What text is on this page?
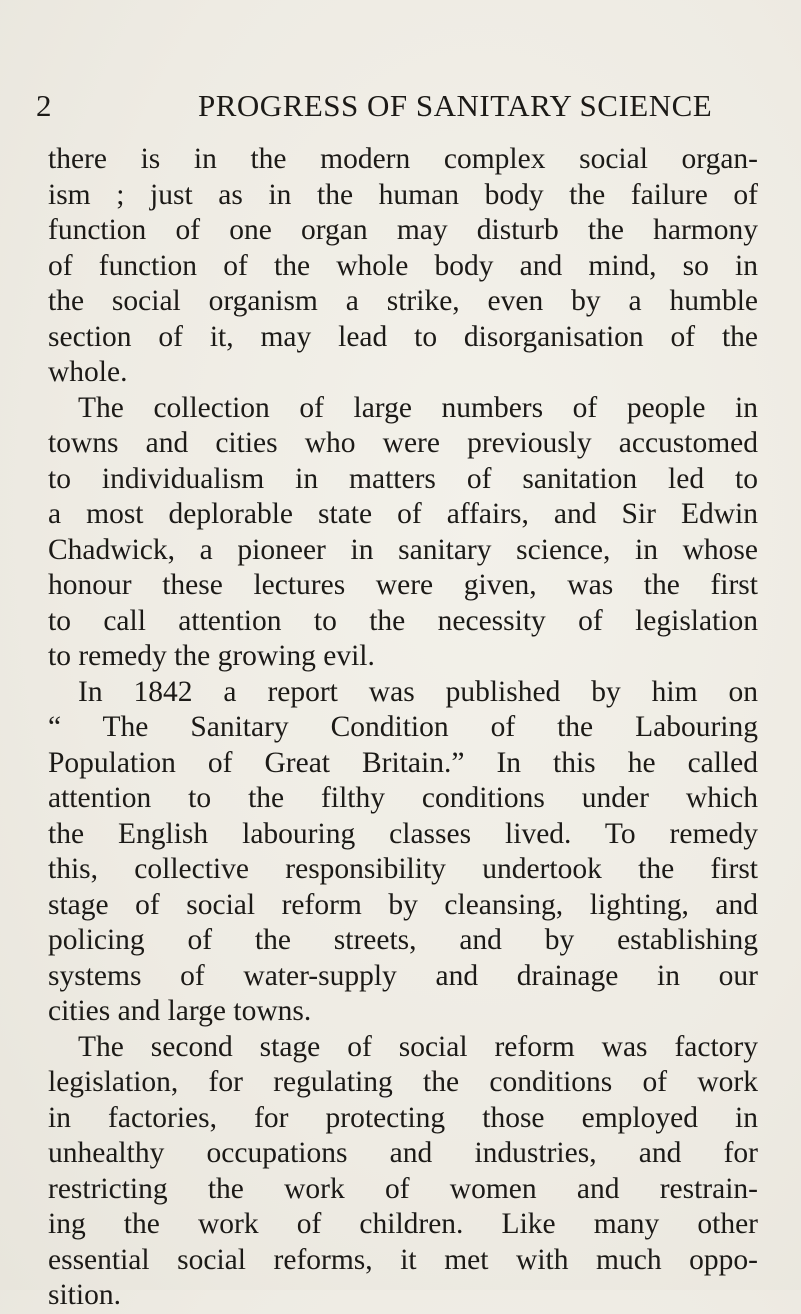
2	PROGRESS OF SANITARY SCIENCE
there is in the modern complex social organ-
ism ; just as in the human body the failure of
function of one organ may disturb the harmony
of function of the whole body and mind, so in
the social organism a strike, even by a humble
section of it, may lead to disorganisation of the
whole.
The collection of large numbers of people in
towns and cities who were previously accustomed
to individualism in matters of sanitation led to
a most deplorable state of affairs, and Sir Edwin
Chadwick, a pioneer in sanitary science, in whose
honour these lectures were given, was the first
to call attention to the necessity of legislation
to remedy the growing evil.
In 1842 a report was published by him on
“ The Sanitary Condition of the Labouring
Population of Great Britain.” In this he called
attention to the filthy conditions under which
the English labouring classes lived. To remedy
this, collective responsibility undertook the first
stage of social reform by cleansing, lighting, and
policing of the streets, and by establishing
systems of water-supply and drainage in our
cities and large towns.
The second stage of social reform was factory
legislation, for regulating the conditions of work
in factories, for protecting those employed in
unhealthy occupations and industries, and for
restricting the work of women and restrain-
ing the work of children. Like many other
essential social reforms, it met with much oppo-
sition.
